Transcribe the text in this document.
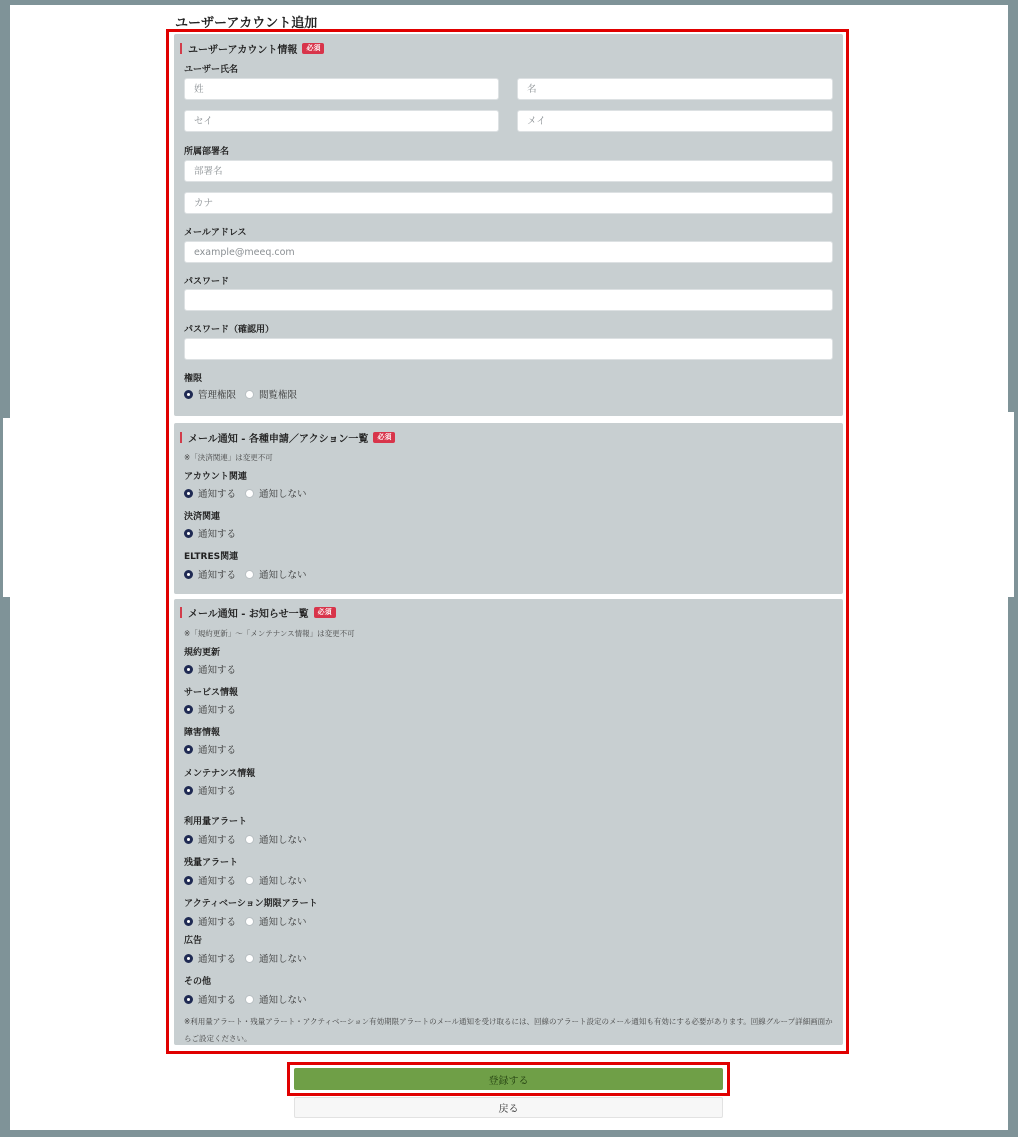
ユーザーアカウント追加
ユーザーアカウント情報	必須
ユーザー氏名
姓
名
セイ
メイ
所属部署名
部署名
カナ
メールアドレス
example@meeq.com
パスワード
パスワード（確認用）
権限
管理権限 閲覧権限
メール通知 - 各種申請／アクション一覧	必須
※「決済関連」は変更不可
アカウント関連
通知する 通知しない
決済関連
通知する
ELTRES関連
通知する 通知しない
メール通知 - お知らせ一覧	必須
※「規約更新」～「メンテナンス情報」は変更不可
規約更新
通知する
サービス情報
通知する
障害情報
通知する
メンテナンス情報
通知する
利用量アラート
通知する 通知しない
残量アラート
通知する 通知しない
アクティベーション期限アラート
通知する 通知しない
広告
通知する 通知しない
その他
通知する 通知しない
※利用量アラート・残量アラート・アクティベーション有効期限アラートのメール通知を受け取るには、回線のアラート設定のメール通知も有効にする必要があります。回線グループ詳細画面からご設定ください。
登録する
戻る
